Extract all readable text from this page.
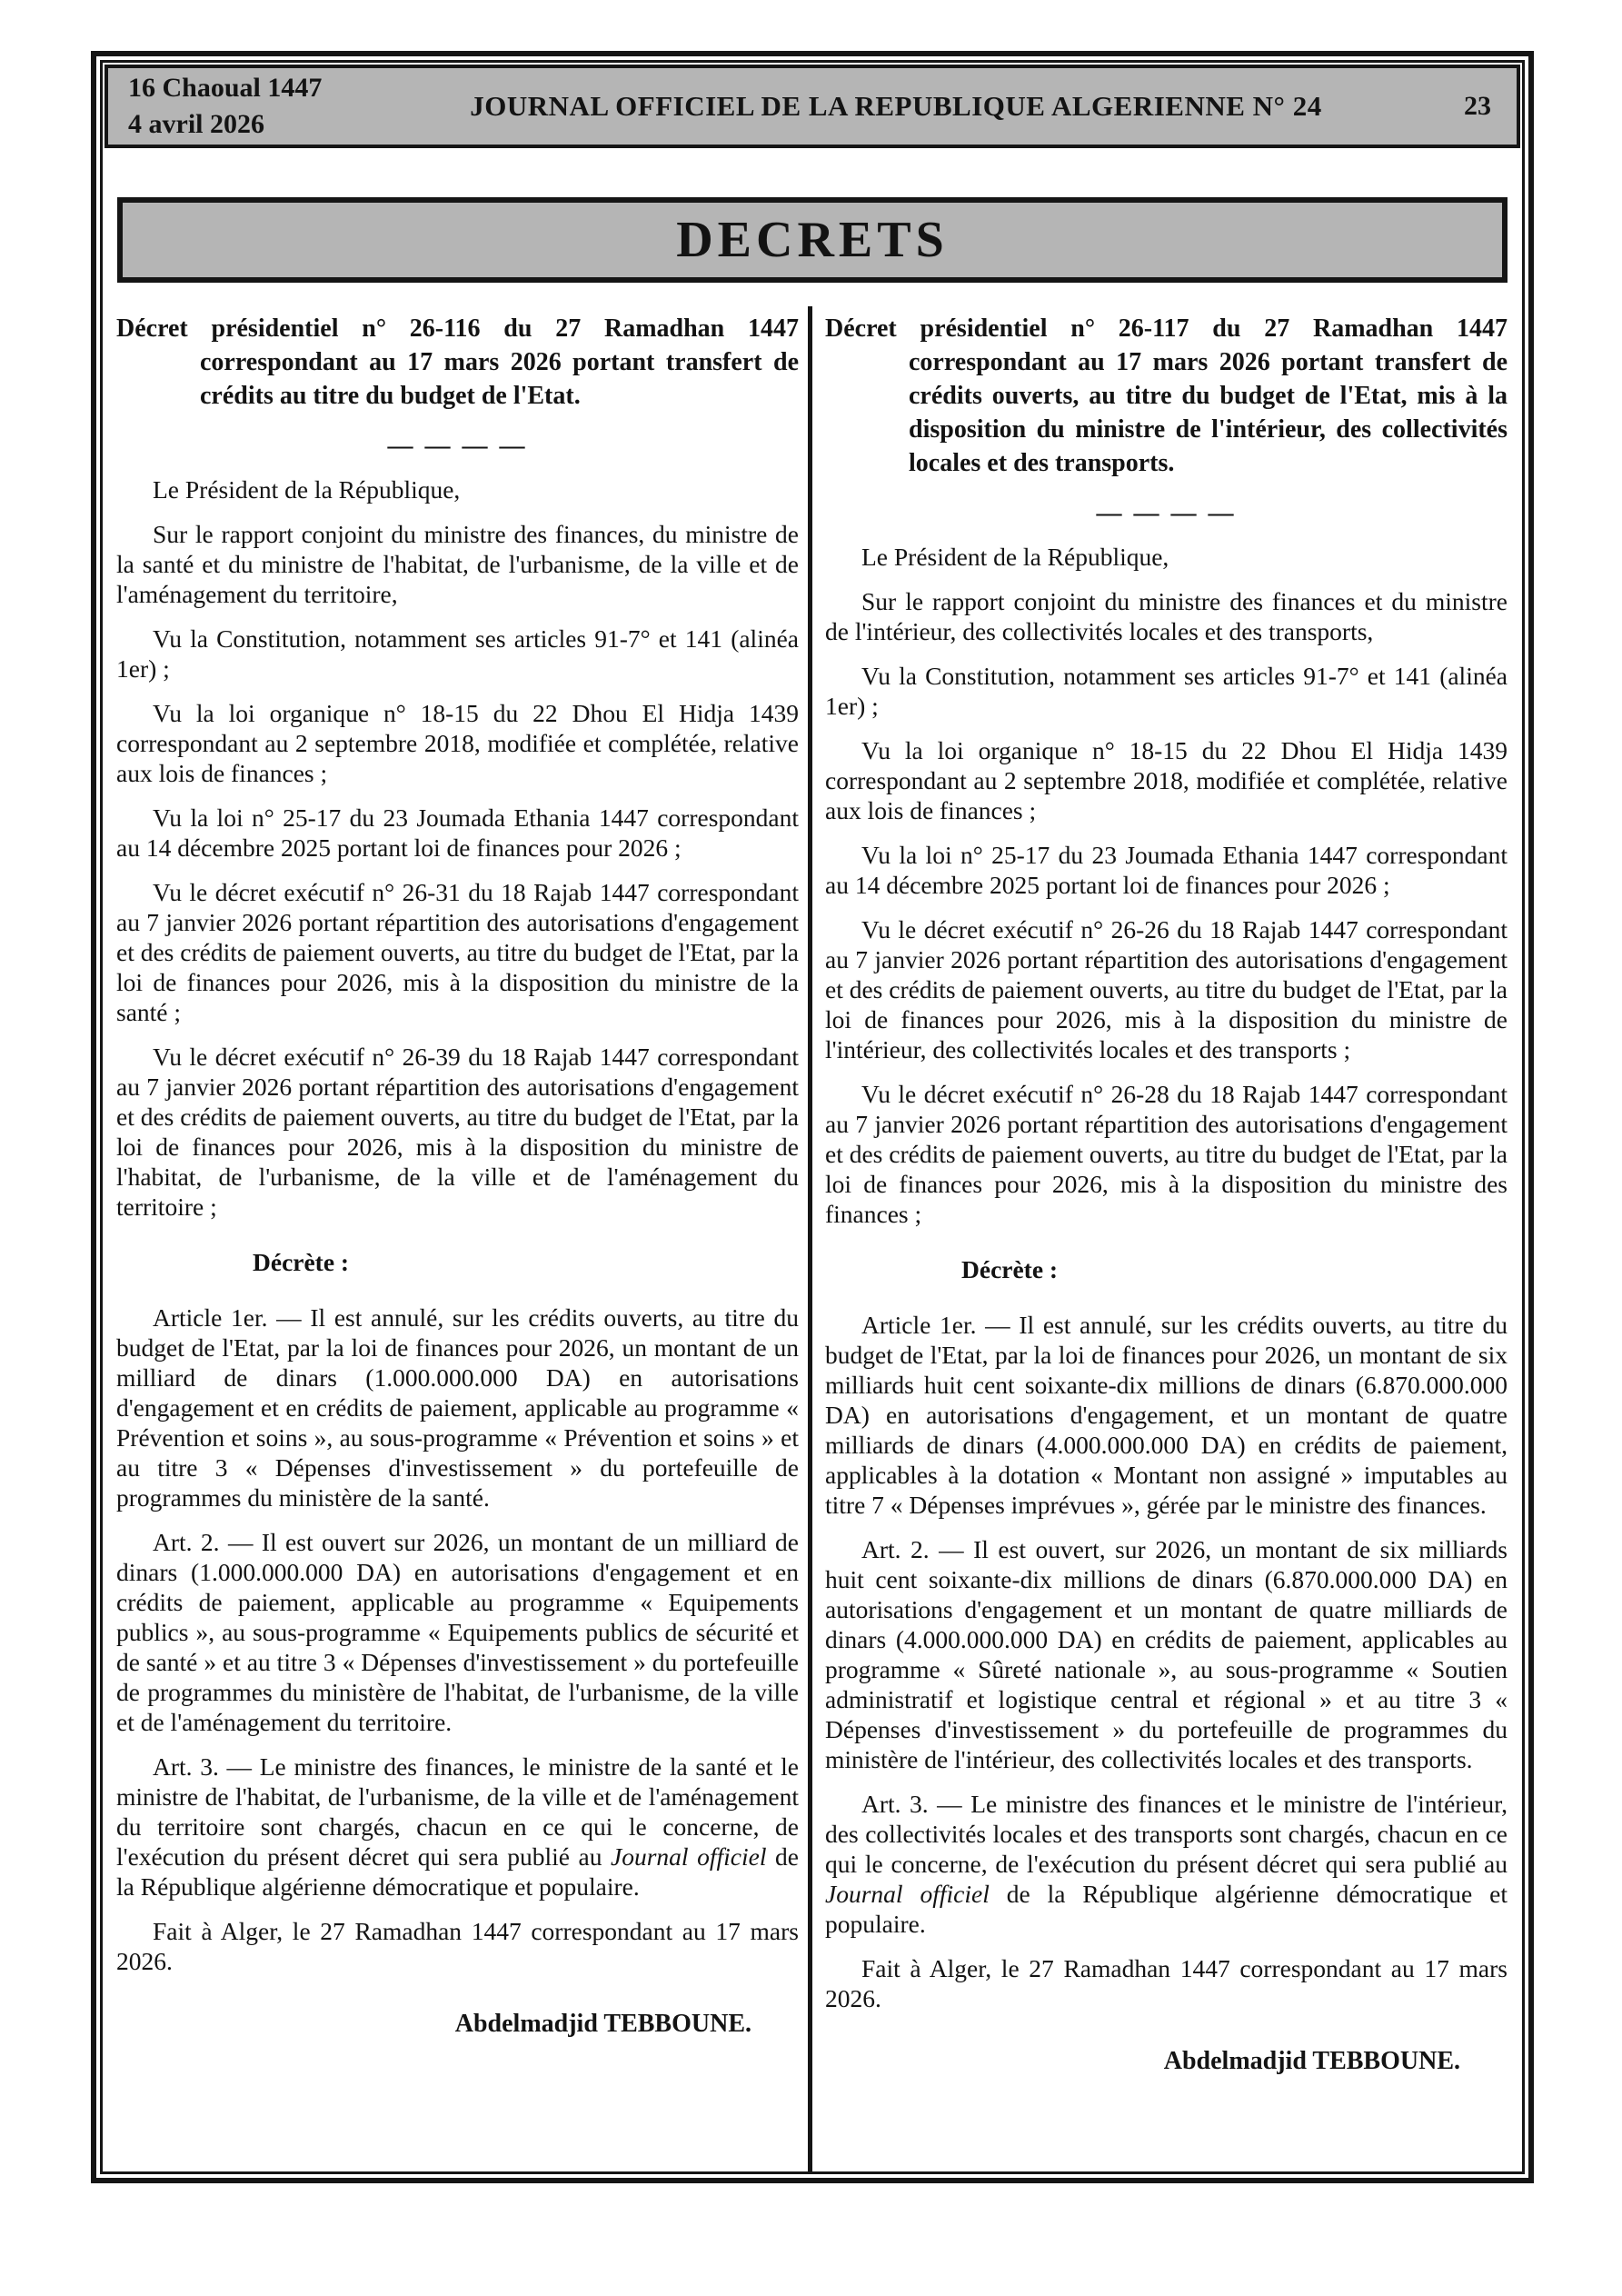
16 Chaoual 1447
4 avril 2026
JOURNAL OFFICIEL DE LA REPUBLIQUE ALGERIENNE N° 24	23
DECRETS
Décret présidentiel n° 26-116 du 27 Ramadhan 1447 correspondant au 17 mars 2026 portant transfert de crédits au titre du budget de l'Etat.
— — — —
Le Président de la République,
Sur le rapport conjoint du ministre des finances, du ministre de la santé et du ministre de l'habitat, de l'urbanisme, de la ville et de l'aménagement du territoire,
Vu la Constitution, notamment ses articles 91-7° et 141 (alinéa 1er) ;
Vu la loi organique n° 18-15 du 22 Dhou El Hidja 1439 correspondant au 2 septembre 2018, modifiée et complétée, relative aux lois de finances ;
Vu la loi n° 25-17 du 23 Joumada Ethania 1447 correspondant au 14 décembre 2025 portant loi de finances pour 2026 ;
Vu le décret exécutif n° 26-31 du 18 Rajab 1447 correspondant au 7 janvier 2026 portant répartition des autorisations d'engagement et des crédits de paiement ouverts, au titre du budget de l'Etat, par la loi de finances pour 2026, mis à la disposition du ministre de la santé ;
Vu le décret exécutif n° 26-39 du 18 Rajab 1447 correspondant au 7 janvier 2026 portant répartition des autorisations d'engagement et des crédits de paiement ouverts, au titre du budget de l'Etat, par la loi de finances pour 2026, mis à la disposition du ministre de l'habitat, de l'urbanisme, de la ville et de l'aménagement du territoire ;
Décrète :
Article 1er. — Il est annulé, sur les crédits ouverts, au titre du budget de l'Etat, par la loi de finances pour 2026, un montant de un milliard de dinars (1.000.000.000 DA) en autorisations d'engagement et en crédits de paiement, applicable au programme « Prévention et soins », au sous-programme « Prévention et soins » et au titre 3 « Dépenses d'investissement » du portefeuille de programmes du ministère de la santé.
Art. 2. — Il est ouvert sur 2026, un montant de un milliard de dinars (1.000.000.000 DA) en autorisations d'engagement et en crédits de paiement, applicable au programme « Equipements publics », au sous-programme « Equipements publics de sécurité et de santé » et au titre 3 « Dépenses d'investissement » du portefeuille de programmes du ministère de l'habitat, de l'urbanisme, de la ville et de l'aménagement du territoire.
Art. 3. — Le ministre des finances, le ministre de la santé et le ministre de l'habitat, de l'urbanisme, de la ville et de l'aménagement du territoire sont chargés, chacun en ce qui le concerne, de l'exécution du présent décret qui sera publié au Journal officiel de la République algérienne démocratique et populaire.
Fait à Alger, le 27 Ramadhan 1447 correspondant au 17 mars 2026.
Abdelmadjid TEBBOUNE.
Décret présidentiel n° 26-117 du 27 Ramadhan 1447 correspondant au 17 mars 2026 portant transfert de crédits ouverts, au titre du budget de l'Etat, mis à la disposition du ministre de l'intérieur, des collectivités locales et des transports.
— — — —
Le Président de la République,
Sur le rapport conjoint du ministre des finances et du ministre de l'intérieur, des collectivités locales et des transports,
Vu la Constitution, notamment ses articles 91-7° et 141 (alinéa 1er) ;
Vu la loi organique n° 18-15 du 22 Dhou El Hidja 1439 correspondant au 2 septembre 2018, modifiée et complétée, relative aux lois de finances ;
Vu la loi n° 25-17 du 23 Joumada Ethania 1447 correspondant au 14 décembre 2025 portant loi de finances pour 2026 ;
Vu le décret exécutif n° 26-26 du 18 Rajab 1447 correspondant au 7 janvier 2026 portant répartition des autorisations d'engagement et des crédits de paiement ouverts, au titre du budget de l'Etat, par la loi de finances pour 2026, mis à la disposition du ministre de l'intérieur, des collectivités locales et des transports ;
Vu le décret exécutif n° 26-28 du 18 Rajab 1447 correspondant au 7 janvier 2026 portant répartition des autorisations d'engagement et des crédits de paiement ouverts, au titre du budget de l'Etat, par la loi de finances pour 2026, mis à la disposition du ministre des finances ;
Décrète :
Article 1er. — Il est annulé, sur les crédits ouverts, au titre du budget de l'Etat, par la loi de finances pour 2026, un montant de six milliards huit cent soixante-dix millions de dinars (6.870.000.000 DA) en autorisations d'engagement, et un montant de quatre milliards de dinars (4.000.000.000 DA) en crédits de paiement, applicables à la dotation « Montant non assigné » imputables au titre 7 « Dépenses imprévues », gérée par le ministre des finances.
Art. 2. — Il est ouvert, sur 2026, un montant de six milliards huit cent soixante-dix millions de dinars (6.870.000.000 DA) en autorisations d'engagement et un montant de quatre milliards de dinars (4.000.000.000 DA) en crédits de paiement, applicables au programme « Sûreté nationale », au sous-programme « Soutien administratif et logistique central et régional » et au titre 3 « Dépenses d'investissement » du portefeuille de programmes du ministère de l'intérieur, des collectivités locales et des transports.
Art. 3. — Le ministre des finances et le ministre de l'intérieur, des collectivités locales et des transports sont chargés, chacun en ce qui le concerne, de l'exécution du présent décret qui sera publié au Journal officiel de la République algérienne démocratique et populaire.
Fait à Alger, le 27 Ramadhan 1447 correspondant au 17 mars 2026.
Abdelmadjid TEBBOUNE.
